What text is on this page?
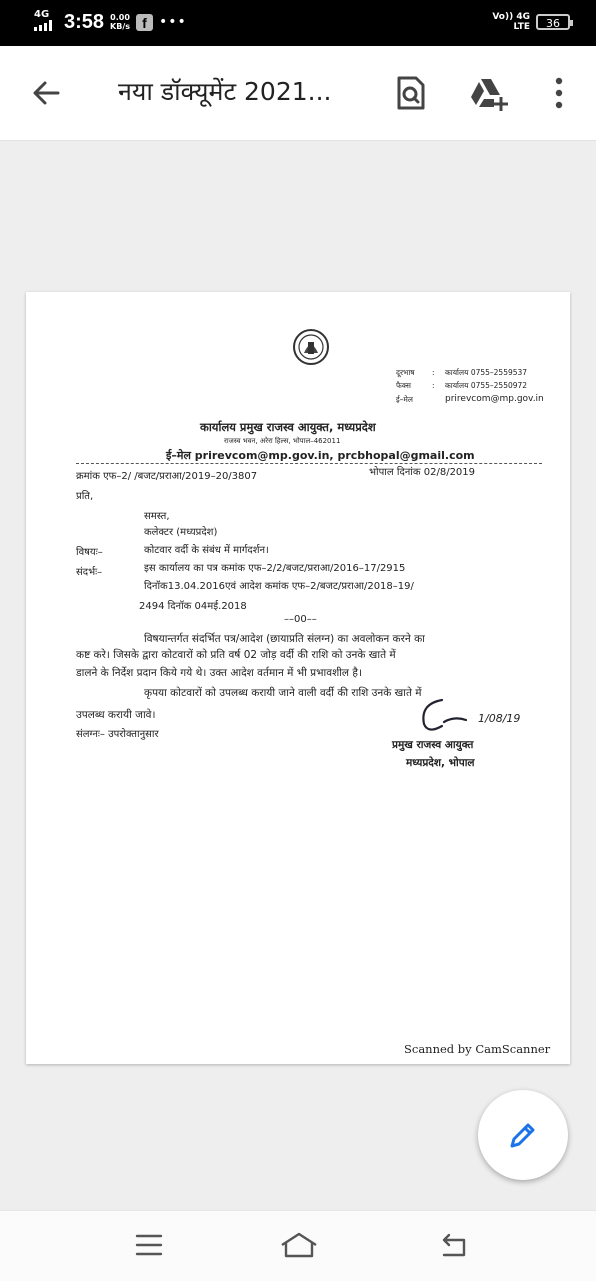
4G 3:58 0.00
KB/s f •••	Vo)) 4G
LTE	36
नया डॉक्यूमेंट 2021...
दूरभाष : कार्यालय 0755–2559537
फैक्स	: कार्यालय 0755–2550972
ई–मेल	prirevcom@mp.gov.in
कार्यालय प्रमुख राजस्व आयुक्त, मध्यप्रदेश
राजस्व भवन, अरेरा हिल्स, भोपाल–462011
ई–मेल prirevcom@mp.gov.in, prcbhopal@gmail.com
क्रमांक एफ–2/ /बजट/प्रराआ/2019–20/3807	भोपाल दिनांक 02/8/2019
प्रति,
समस्त,
कलेक्टर (मध्यप्रदेश)
विषयः–	कोटवार वर्दी के संबंध में मार्गदर्शन।
संदर्भः–	इस कार्यालय का पत्र कमांक एफ–2/2/बजट/प्रराआ/2016–17/2915
दिनॉक13.04.2016एवं आदेश कमांक एफ–2/बजट/प्रराआ/2018–19/
2494 दिनॉक 04मई.2018
––00––
विषयान्तर्गत संदर्भित पत्र/आदेश (छायाप्रति संलग्न) का अवलोकन करने का
कष्ट करे। जिसके द्वारा कोटवारों को प्रति वर्ष 02 जोड़ वर्दी की राशि को उनके खाते में
डालने के निर्देश प्रदान किये गये थे। उक्त आदेश वर्तमान में भी प्रभावशील है।
कृपया कोटवारों को उपलब्ध करायी जाने वाली वर्दी की राशि उनके खाते में
उपलब्ध करायी जावे।
संलग्नः– उपरोक्तानुसार
1/08/19
प्रमुख राजस्व आयुक्त
मध्यप्रदेश, भोपाल
Scanned by CamScanner
